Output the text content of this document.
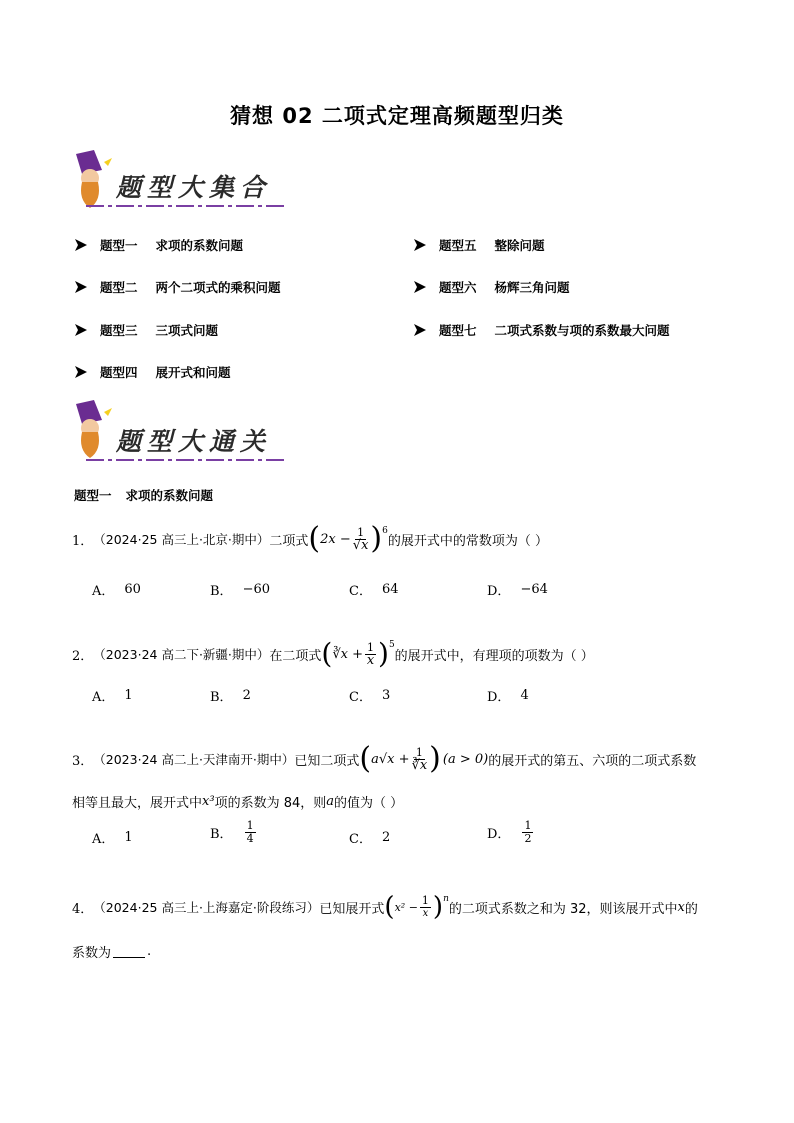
猜想 02 二项式定理高频题型归类
题型大集合
题型一 求项的系数问题
题型二 两个二项式的乘积问题
题型三 三项式问题
题型四 展开式和问题
题型五 整除问题
题型六 杨辉三角问题
题型七 二项式系数与项的系数最大问题
题型大通关
题型一 求项的系数问题
1． （2024·25 高三上·北京·期中） 二项式 ( $2x - \frac{1}{√x} )^6$
的展开式中的常数项为（ ）
A． 60	B． −60	C． 64	D． −64
2． （2023·24 高二下·新疆·期中） 在二项式 ( ∛x + $\frac{1}{x} )^5$
的展开式中，有理项的项数为（ ）
A． 1	B． 2	C． 3	D． 4
3． （2023·24 高二上·天津南开·期中） 已知二项式 ( $a√x + \frac{1}{∛x}$ ) (a > 0) 的展开式的第五、六项的二项式系数
相等且最大，展开式中 x³ 项的系数为 84，则 a 的值为（ ）
A． 1	B． $\frac{1}{4}$	C． 2	D． $\frac{1}{2}$
4． （2024·25 高三上·上海嘉定·阶段练习） 已知展开式 ( $x^2 - \frac{1}{x} )^n$
的二项式系数之和为 32，则该展开式中 x 的
系数为	.
